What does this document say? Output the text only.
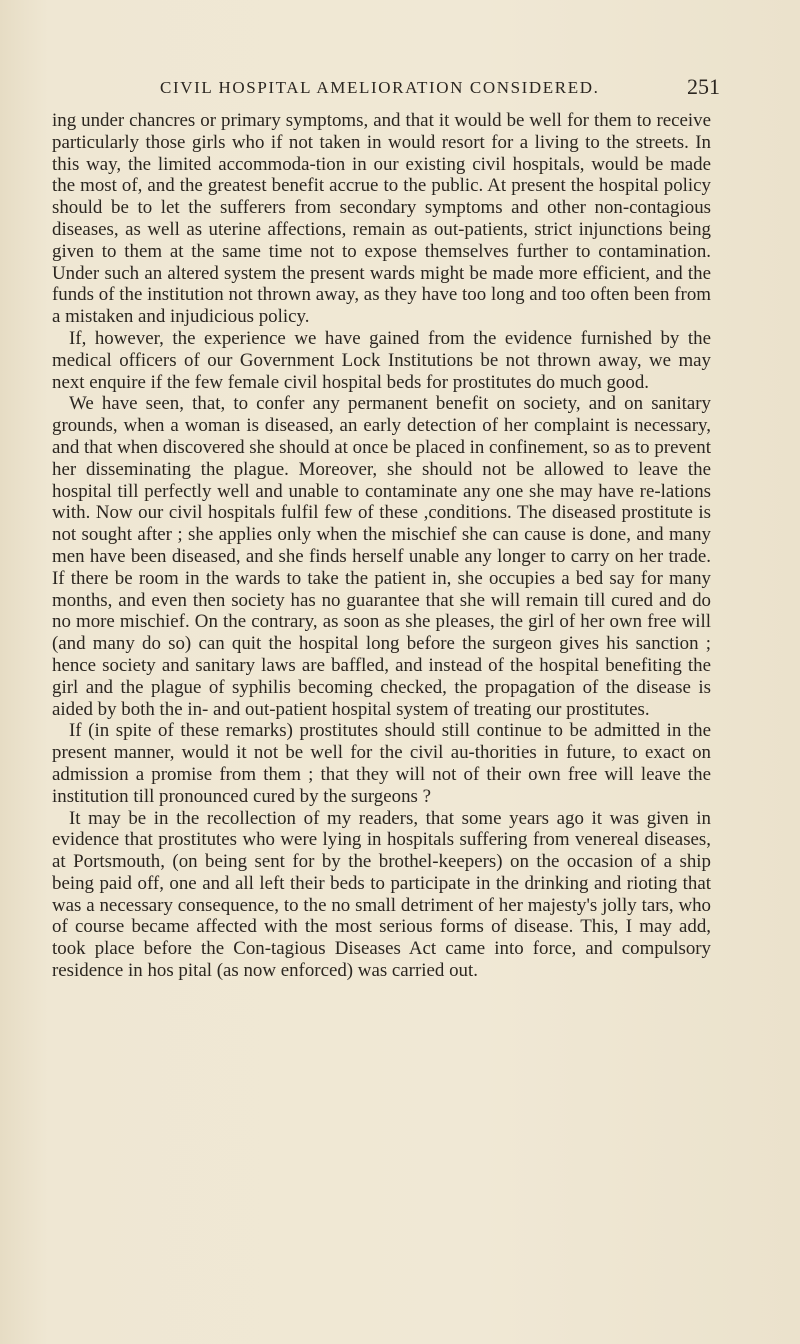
CIVIL HOSPITAL AMELIORATION CONSIDERED.	251

ing under chancres or primary symptoms, and that it would be well for them to receive particularly those girls who if not taken in would resort for a living to the streets. In this way, the limited accommoda-tion in our existing civil hospitals, would be made the most of, and the greatest benefit accrue to the public. At present the hospital policy should be to let the sufferers from secondary symptoms and other non-contagious diseases, as well as uterine affections, remain as out-patients, strict injunctions being given to them at the same time not to expose themselves further to contamination. Under such an altered system the present wards might be made more efficient, and the funds of the institution not thrown away, as they have too long and too often been from a mistaken and injudicious policy.

If, however, the experience we have gained from the evidence furnished by the medical officers of our Government Lock Institutions be not thrown away, we may next enquire if the few female civil hospital beds for prostitutes do much good.

We have seen, that, to confer any permanent benefit on society, and on sanitary grounds, when a woman is diseased, an early detection of her complaint is necessary, and that when discovered she should at once be placed in confinement, so as to prevent her disseminating the plague. Moreover, she should not be allowed to leave the hospital till perfectly well and unable to contaminate any one she may have re-lations with. Now our civil hospitals fulfil few of these ,conditions. The diseased prostitute is not sought after ; she applies only when the mischief she can cause is done, and many men have been diseased, and she finds herself unable any longer to carry on her trade. If there be room in the wards to take the patient in, she occupies a bed say for many months, and even then society has no guarantee that she will remain till cured and do no more mischief. On the contrary, as soon as she pleases, the girl of her own free will (and many do so) can quit the hospital long before the surgeon gives his sanction ; hence society and sanitary laws are baffled, and instead of the hospital benefiting the girl and the plague of syphilis becoming checked, the propagation of the disease is aided by both the in- and out-patient hospital system of treating our prostitutes.

If (in spite of these remarks) prostitutes should still continue to be admitted in the present manner, would it not be well for the civil au-thorities in future, to exact on admission a promise from them ; that they will not of their own free will leave the institution till pronounced cured by the surgeons ?

It may be in the recollection of my readers, that some years ago it was given in evidence that prostitutes who were lying in hospitals suffering from venereal diseases, at Portsmouth, (on being sent for by the brothel-keepers) on the occasion of a ship being paid off, one and all left their beds to participate in the drinking and rioting that was a necessary consequence, to the no small detriment of her majesty's jolly tars, who of course became affected with the most serious forms of disease. This, I may add, took place before the Con-tagious Diseases Act came into force, and compulsory residence in hos pital (as now enforced) was carried out.
